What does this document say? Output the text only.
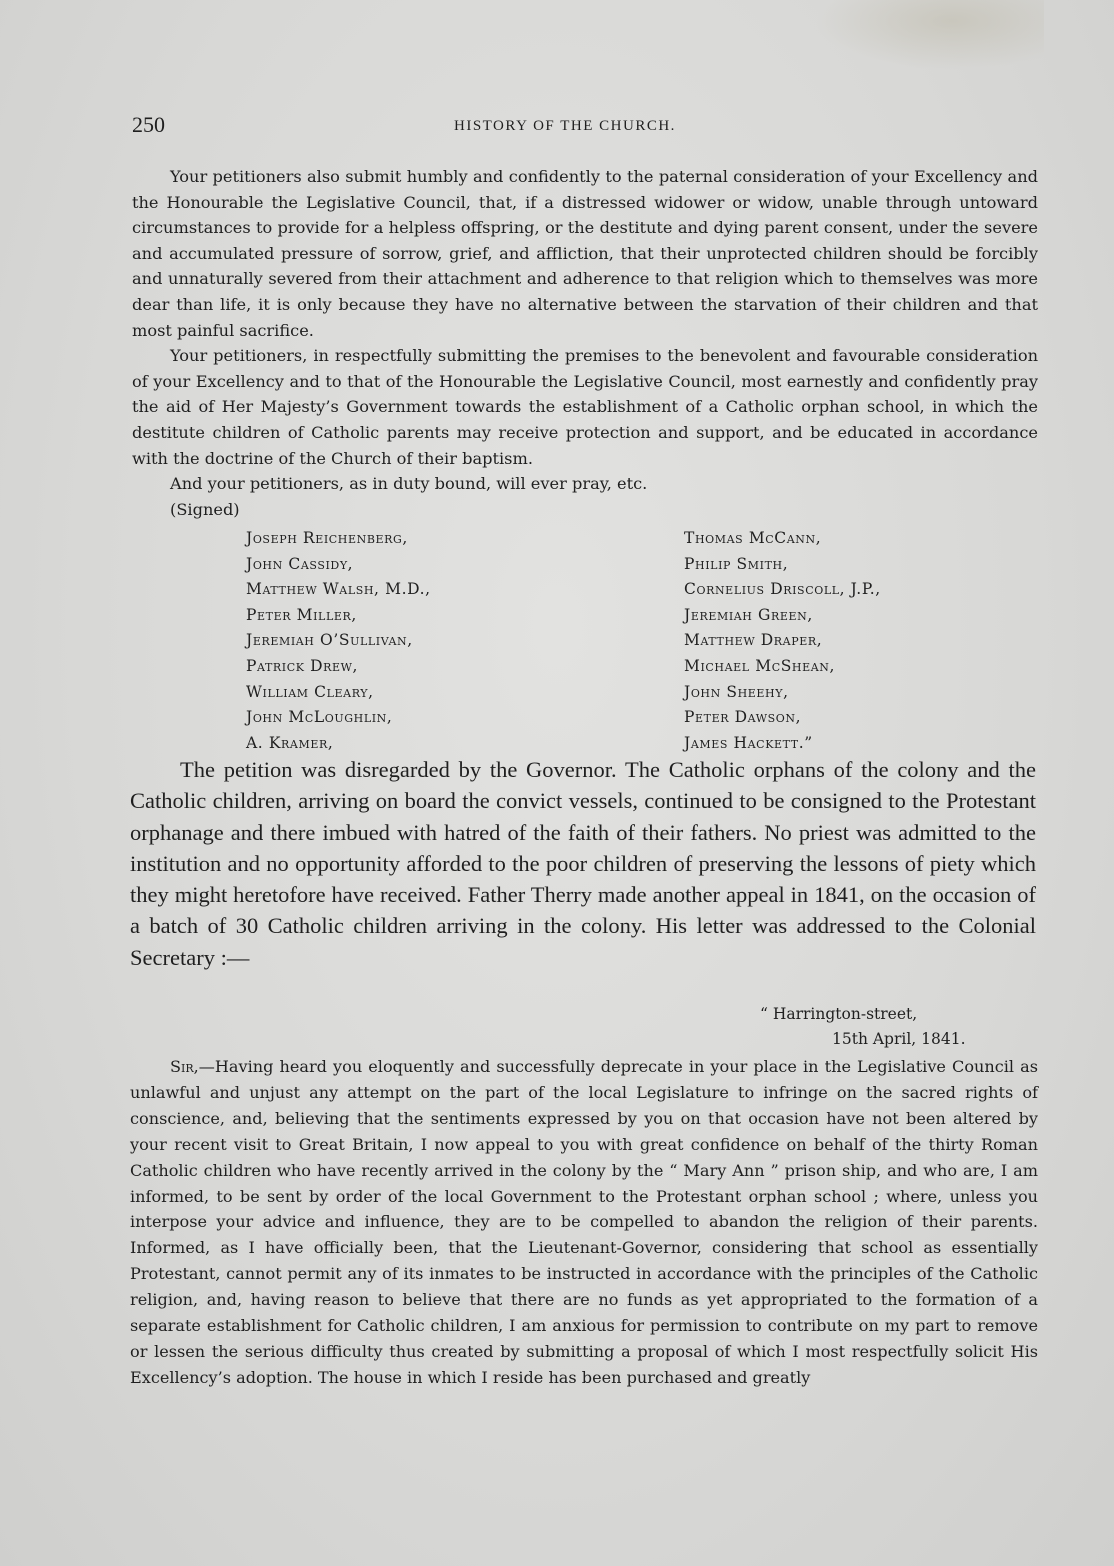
250	HISTORY OF THE CHURCH.

Your petitioners also submit humbly and confidently to the paternal consideration of your Excellency and the Honourable the Legislative Council, that, if a distressed widower or widow, unable through untoward circumstances to provide for a helpless offspring, or the destitute and dying parent consent, under the severe and accumulated pressure of sorrow, grief, and affliction, that their unprotected children should be forcibly and unnaturally severed from their attachment and adherence to that religion which to themselves was more dear than life, it is only because they have no alternative between the starvation of their children and that most painful sacrifice.

Your petitioners, in respectfully submitting the premises to the benevolent and favourable consideration of your Excellency and to that of the Honourable the Legislative Council, most earnestly and confidently pray the aid of Her Majesty’s Government towards the establishment of a Catholic orphan school, in which the destitute children of Catholic parents may receive protection and support, and be educated in accordance with the doctrine of the Church of their baptism.

And your petitioners, as in duty bound, will ever pray, etc.

(Signed)

Joseph Reichenberg,
John Cassidy,
Matthew Walsh, M.D.,
Peter Miller,
Jeremiah O’Sullivan,
Patrick Drew,
William Cleary,
John McLoughlin,
A. Kramer,
Thomas McCann,
Philip Smith,
Cornelius Driscoll, J.P.,
Jeremiah Green,
Matthew Draper,
Michael McShean,
John Sheehy,
Peter Dawson,
James Hackett.”

The petition was disregarded by the Governor. The Catholic orphans of the colony and the Catholic children, arriving on board the convict vessels, continued to be consigned to the Protestant orphanage and there imbued with hatred of the faith of their fathers. No priest was admitted to the institution and no opportunity afforded to the poor children of preserving the lessons of piety which they might heretofore have received. Father Therry made another appeal in 1841, on the occasion of a batch of 30 Catholic children arriving in the colony. His letter was addressed to the Colonial Secretary :—

“ Harrington-street,
15th April, 1841.

Sir,—Having heard you eloquently and successfully deprecate in your place in the Legislative Council as unlawful and unjust any attempt on the part of the local Legislature to infringe on the sacred rights of conscience, and, believing that the sentiments expressed by you on that occasion have not been altered by your recent visit to Great Britain, I now appeal to you with great confidence on behalf of the thirty Roman Catholic children who have recently arrived in the colony by the “ Mary Ann ” prison ship, and who are, I am informed, to be sent by order of the local Government to the Protestant orphan school ; where, unless you interpose your advice and influence, they are to be compelled to abandon the religion of their parents. Informed, as I have officially been, that the Lieutenant-Governor, considering that school as essentially Protestant, cannot permit any of its inmates to be instructed in accordance with the principles of the Catholic religion, and, having reason to believe that there are no funds as yet appropriated to the formation of a separate establishment for Catholic children, I am anxious for permission to contribute on my part to remove or lessen the serious difficulty thus created by submitting a proposal of which I most respectfully solicit His Excellency’s adoption. The house in which I reside has been purchased and greatly
